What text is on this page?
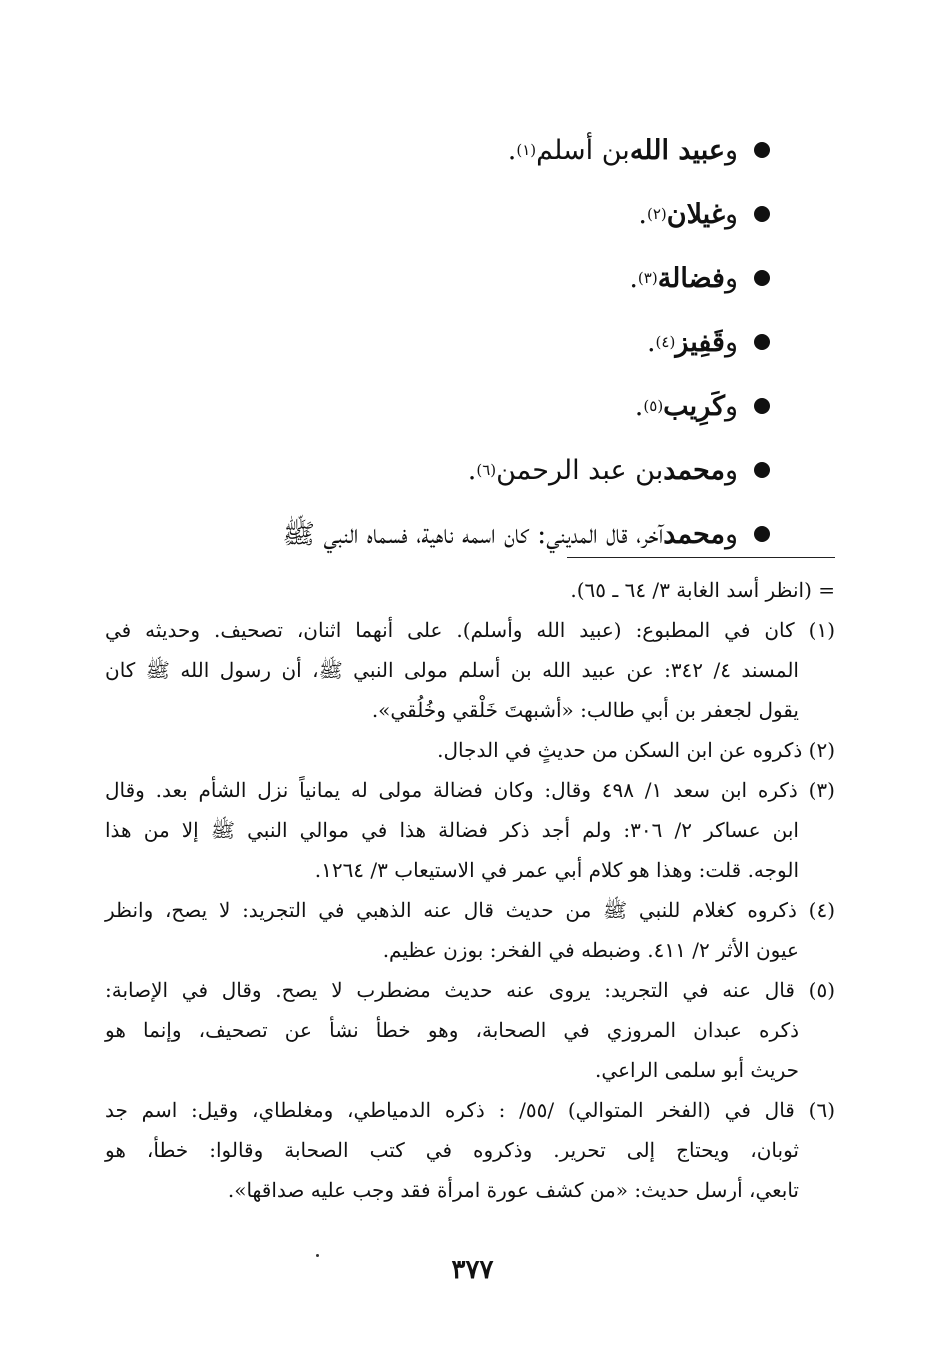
و
عبيد الله
بن أسلم
(١)
.
و
غيلان
(٢)
.
و
فضالة
(٣)
.
و
قَفِيز
(٤)
.
و
كَرِيب
(٥)
.
و
محمد
بن عبد الرحمن
(٦)
.
و
محمد
آخر، قال المديني: كان اسمه ناهية، فسماه النبي ﷺ
= (انظر أسد الغابة ٣/ ٦٤ ـ ٦٥).
(١) كان في المطبوع: (عبيد الله وأسلم). على أنهما اثنان، تصحيف. وحديثه في
المسند ٤/ ٣٤٢: عن عبيد الله بن أسلم مولى النبي ﷺ، أن رسول الله ﷺ كان
يقول لجعفر بن أبي طالب: «أشبهتَ خَلْقي وخُلُقي».
(٢) ذكروه عن ابن السكن من حديثٍ في الدجال.
(٣) ذكره ابن سعد ١/ ٤٩٨ وقال: وكان فضالة مولى له يمانياً نزل الشأم بعد. وقال
ابن عساكر ٢/ ٣٠٦: ولم أجد ذكر فضالة هذا في موالي النبي ﷺ إلا من هذا
الوجه. قلت: وهذا هو كلام أبي عمر في الاستيعاب ٣/ ١٢٦٤.
(٤) ذكروه كغلام للنبي ﷺ من حديث قال عنه الذهبي في التجريد: لا يصح، وانظر
عيون الأثر ٢/ ٤١١. وضبطه في الفخر: بوزن عظيم.
(٥) قال عنه في التجريد: يروى عنه حديث مضطرب لا يصح. وقال في الإصابة:
ذكره عبدان المروزي في الصحابة، وهو خطأ نشأ عن تصحيف، وإنما هو
حريث أبو سلمى الراعي.
(٦) قال في (الفخر المتوالي) /٥٥/ : ذكره الدمياطي، ومغلطاي، وقيل: اسم جد
ثوبان، ويحتاج إلى تحرير. وذكروه في كتب الصحابة وقالوا: خطأ، هو
تابعي، أرسل حديث: «من كشف عورة امرأة فقد وجب عليه صداقها».
٣٧٧
